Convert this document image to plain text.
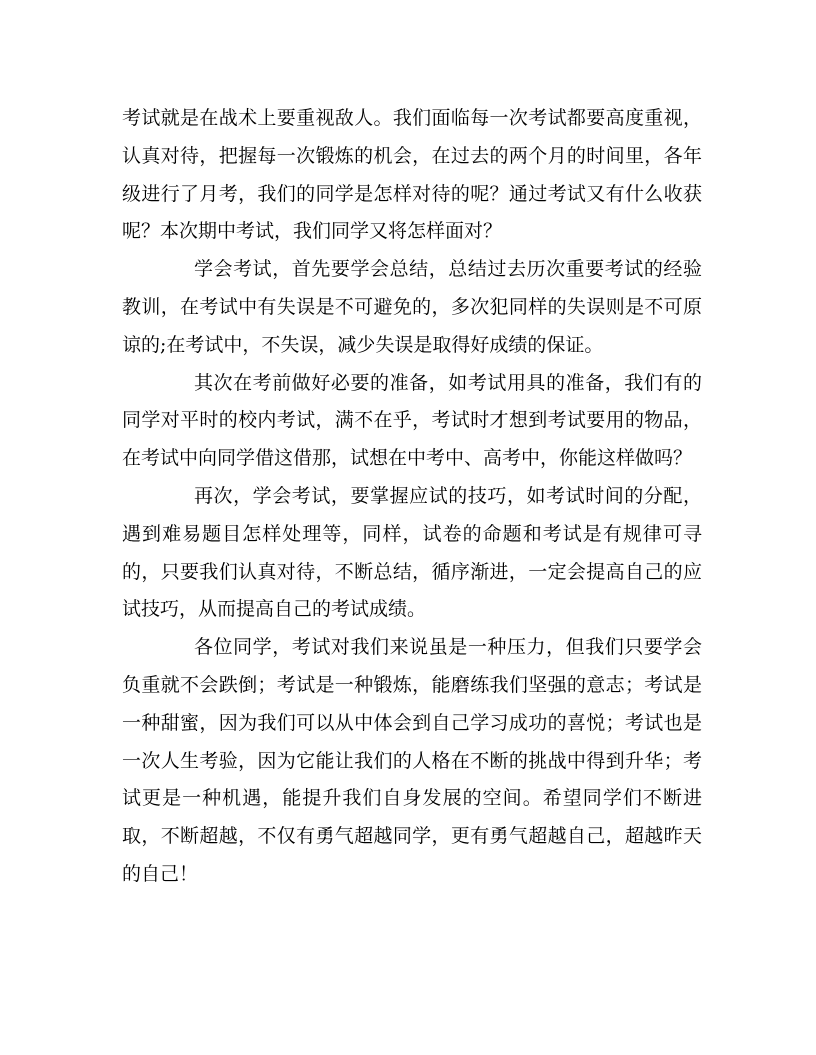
考试就是在战术上要重视敌人。我们面临每一次考试都要高度重视，认真对待，把握每一次锻炼的机会，在过去的两个月的时间里，各年级进行了月考，我们的同学是怎样对待的呢？通过考试又有什么收获呢？本次期中考试，我们同学又将怎样面对？

学会考试，首先要学会总结，总结过去历次重要考试的经验教训，在考试中有失误是不可避免的，多次犯同样的失误则是不可原谅的;在考试中，不失误，减少失误是取得好成绩的保证。

其次在考前做好必要的准备，如考试用具的准备，我们有的同学对平时的校内考试，满不在乎，考试时才想到考试要用的物品，在考试中向同学借这借那，试想在中考中、高考中，你能这样做吗？

再次，学会考试，要掌握应试的技巧，如考试时间的分配，遇到难易题目怎样处理等，同样，试卷的命题和考试是有规律可寻的，只要我们认真对待，不断总结，循序渐进，一定会提高自己的应试技巧，从而提高自己的考试成绩。

各位同学，考试对我们来说虽是一种压力，但我们只要学会负重就不会跌倒；考试是一种锻炼，能磨练我们坚强的意志；考试是一种甜蜜，因为我们可以从中体会到自己学习成功的喜悦；考试也是一次人生考验，因为它能让我们的人格在不断的挑战中得到升华；考试更是一种机遇，能提升我们自身发展的空间。希望同学们不断进取，不断超越，不仅有勇气超越同学，更有勇气超越自己，超越昨天的自己！
